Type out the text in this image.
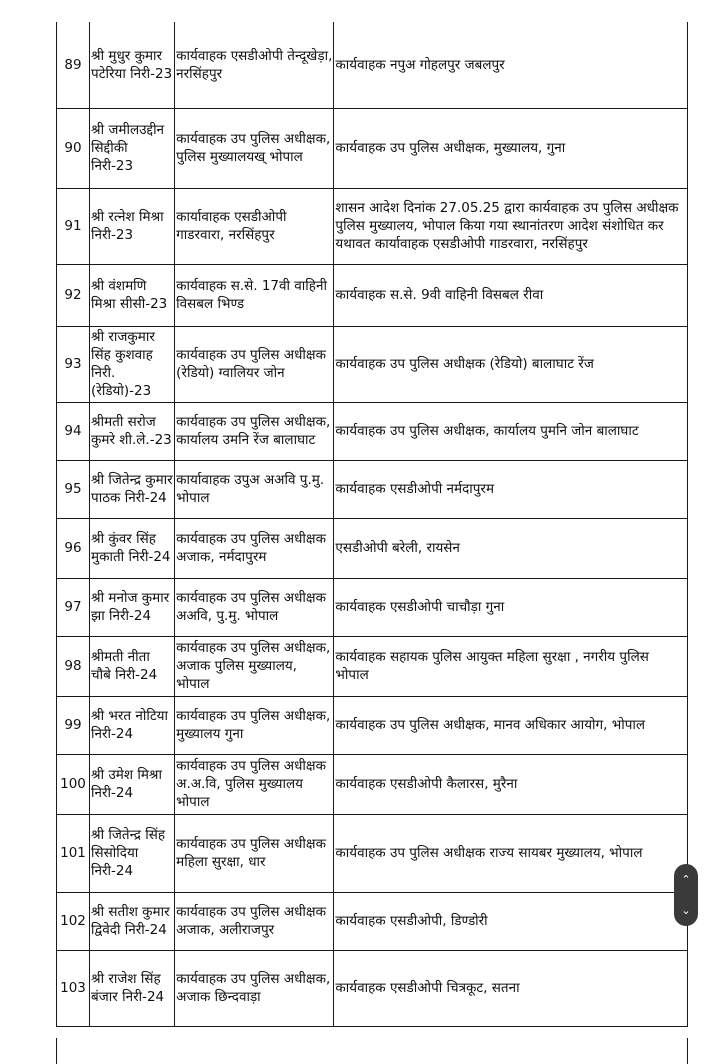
89	श्री मुधुर कुमार पटेरिया निरी-23	कार्यवाहक एसडीओपी तेन्दूखेड़ा, नरसिंहपुर	कार्यवाहक नपुअ गोहलपुर जबलपुर
90	श्री जमीलउद्दीन सिद्दीकी निरी-23	कार्यवाहक उप पुलिस अधीक्षक, पुलिस मुख्यालयख् भोपाल	कार्यवाहक उप पुलिस अधीक्षक, मुख्यालय, गुना
91	श्री रत्नेश मिश्रा निरी-23	कार्यावाहक एसडीओपी गाडरवारा, नरसिंहपुर	शासन आदेश दिनांक 27.05.25 द्वारा कार्यवाहक उप पुलिस अधीक्षक पुलिस मुख्यालय, भोपाल किया गया स्थानांतरण आदेश संशोधित कर यथावत कार्यावाहक एसडीओपी गाडरवारा, नरसिंहपुर
92	श्री वंशमणि मिश्रा सीसी-23	कार्यवाहक स.से. 17वी वाहिनी विसबल भिण्ड	कार्यवाहक स.से. 9वी वाहिनी विसबल रीवा
93	श्री राजकुमार सिंह कुशवाह निरी. (रेडियो)-23	कार्यवाहक उप पुलिस अधीक्षक (रेडियो) ग्वालियर जोन	कार्यवाहक उप पुलिस अधीक्षक (रेडियो) बालाघाट रेंज
94	श्रीमती सरोज कुमरे शी.ले.-23	कार्यवाहक उप पुलिस अधीक्षक, कार्यालय उमनि रेंज बालाघाट	कार्यवाहक उप पुलिस अधीक्षक, कार्यालय पुमनि जोन बालाघाट
95	श्री जितेन्द्र कुमार पाठक निरी-24	कार्यावाहक उपुअ अअवि पु.मु. भोपाल	कार्यवाहक एसडीओपी नर्मदापुरम
96	श्री कुंवर सिंह मुकाती निरी-24	कार्यवाहक उप पुलिस अधीक्षक अजाक, नर्मदापुरम	एसडीओपी बरेली, रायसेन
97	श्री मनोज कुमार झा निरी-24	कार्यवाहक उप पुलिस अधीक्षक अअवि, पु.मु. भोपाल	कार्यवाहक एसडीओपी चाचौड़ा गुना
98	श्रीमती नीता चौबे निरी-24	कार्यवाहक उप पुलिस अधीक्षक, अजाक पुलिस मुख्यालय, भोपाल	कार्यवाहक सहायक पुलिस आयुक्त महिला सुरक्षा , नगरीय पुलिस भोपाल
99	श्री भरत नोटिया निरी-24	कार्यवाहक उप पुलिस अधीक्षक, मुख्यालय गुना	कार्यवाहक उप पुलिस अधीक्षक, मानव अधिकार आयोग, भोपाल
100	श्री उमेश मिश्रा निरी-24	कार्यवाहक उप पुलिस अधीक्षक अ.अ.वि, पुलिस मुख्यालय भोपाल	कार्यवाहक एसडीओपी कैलारस, मुरैना
101	श्री जितेन्द्र सिंह सिसोदिया निरी-24	कार्यवाहक उप पुलिस अधीक्षक महिला सुरक्षा, धार	कार्यवाहक उप पुलिस अधीक्षक राज्य सायबर मुख्यालय, भोपाल
102	श्री सतीश कुमार द्विवेदी निरी-24	कार्यवाहक उप पुलिस अधीक्षक अजाक, अलीराजपुर	कार्यवाहक एसडीओपी, डिण्डोरी
103	श्री राजेश सिंह बंजार निरी-24	कार्यवाहक उप पुलिस अधीक्षक, अजाक छिन्दवाड़ा	कार्यवाहक एसडीओपी चित्रकूट, सतना
⌃
⌄
